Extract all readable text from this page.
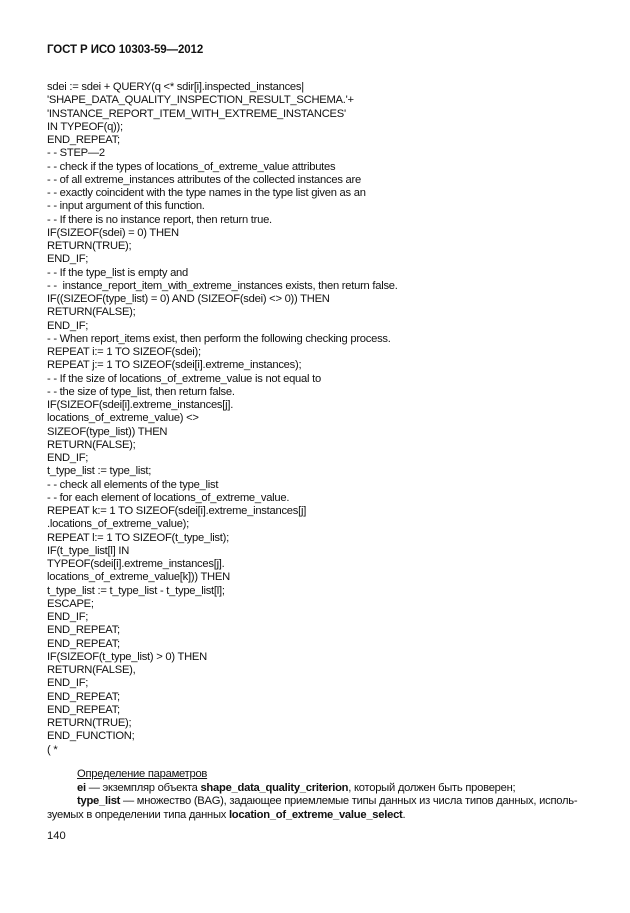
ГОСТ Р ИСО 10303-59—2012
sdei := sdei + QUERY(q <* sdir[i].inspected_instances|
'SHAPE_DATA_QUALITY_INSPECTION_RESULT_SCHEMA.'+
'INSTANCE_REPORT_ITEM_WITH_EXTREME_INSTANCES'
IN TYPEOF(q));
END_REPEAT;
- - STEP—2
- - check if the types of locations_of_extreme_value attributes
- - of all extreme_instances attributes of the collected instances are
- - exactly coincident with the type names in the type list given as an
- - input argument of this function.
- - If there is no instance report, then return true.
IF(SIZEOF(sdei) = 0) THEN
RETURN(TRUE);
END_IF;
- - If the type_list is empty and
- -  instance_report_item_with_extreme_instances exists, then return false.
IF((SIZEOF(type_list) = 0) AND (SIZEOF(sdei) <> 0)) THEN
RETURN(FALSE);
END_IF;
- - When report_items exist, then perform the following checking process.
REPEAT i:= 1 TO SIZEOF(sdei);
REPEAT j:= 1 TO SIZEOF(sdei[i].extreme_instances);
- - If the size of locations_of_extreme_value is not equal to
- - the size of type_list, then return false.
IF(SIZEOF(sdei[i].extreme_instances[j].
locations_of_extreme_value) <>
SIZEOF(type_list)) THEN
RETURN(FALSE);
END_IF;
t_type_list := type_list;
- - check all elements of the type_list
- - for each element of locations_of_extreme_value.
REPEAT k:= 1 TO SIZEOF(sdei[i].extreme_instances[j]
.locations_of_extreme_value);
REPEAT l:= 1 TO SIZEOF(t_type_list);
IF(t_type_list[l] IN
TYPEOF(sdei[i].extreme_instances[j].
locations_of_extreme_value[k])) THEN
t_type_list := t_type_list - t_type_list[l];
ESCAPE;
END_IF;
END_REPEAT;
END_REPEAT;
IF(SIZEOF(t_type_list) > 0) THEN
RETURN(FALSE),
END_IF;
END_REPEAT;
END_REPEAT;
RETURN(TRUE);
END_FUNCTION;
( *
Определение параметров
ei — экземпляр объекта shape_data_quality_criterion, который должен быть проверен;
type_list — множество (BAG), задающее приемлемые типы данных из числа типов данных, исполь-
зуемых в определении типа данных location_of_extreme_value_select.
140
